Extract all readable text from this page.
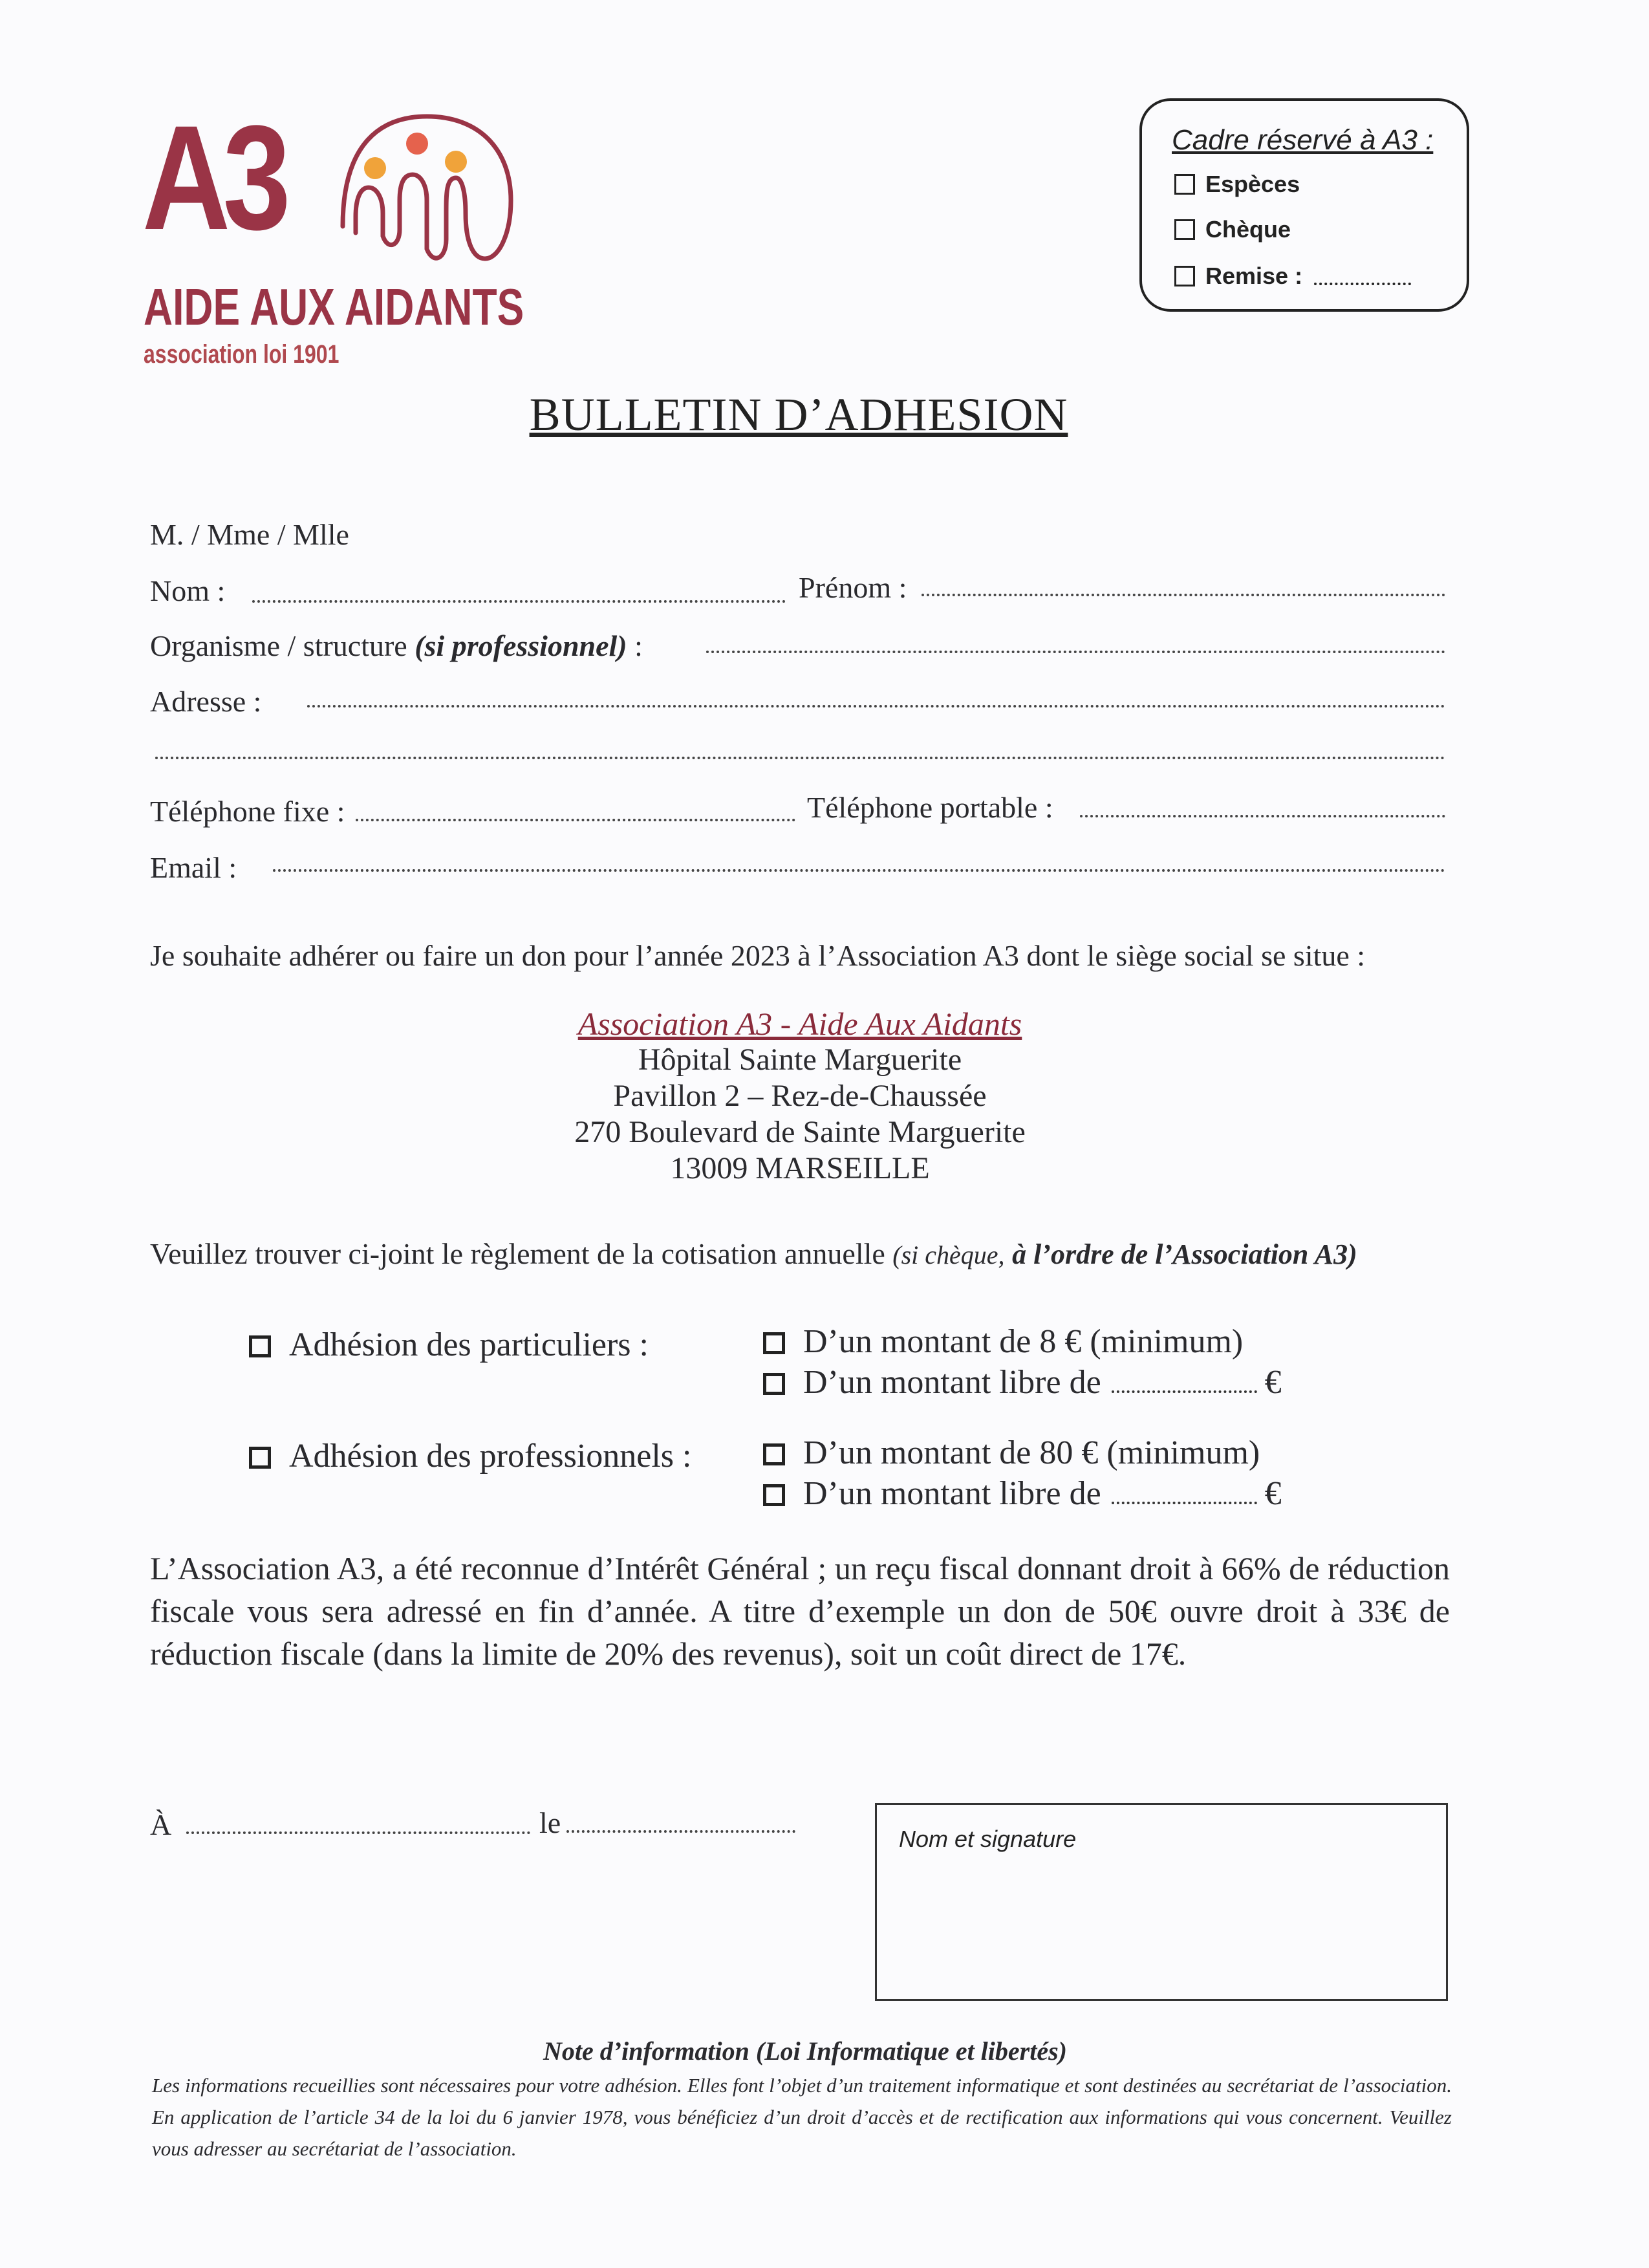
A3
AIDE AUX AIDANTS
association loi 1901
Cadre réservé à A3 :
Espèces
Chèque
Remise :
BULLETIN D’ADHESION
M. / Mme / Mlle
Nom :	Prénom :
Organisme / structure (si professionnel) :
Adresse :
Téléphone fixe :	Téléphone portable :
Email :
Je souhaite adhérer ou faire un don pour l’année 2023 à l’Association A3 dont le siège social se situe :
Association A3 - Aide Aux Aidants
Hôpital Sainte Marguerite
Pavillon 2 – Rez-de-Chaussée
270 Boulevard de Sainte Marguerite
13009 MARSEILLE
Veuillez trouver ci-joint le règlement de la cotisation annuelle (si chèque, à l’ordre de l’Association A3)
Adhésion des particuliers :	D’un montant de 8 € (minimum)
D’un montant libre de	€
Adhésion des professionnels :	D’un montant de 80 € (minimum)
D’un montant libre de	€
L’Association A3, a été reconnue d’Intérêt Général ; un reçu fiscal donnant droit à 66% de réduction fiscale vous sera adressé en fin d’année. A titre d’exemple un don de 50€ ouvre droit à 33€ de réduction fiscale (dans la limite de 20% des revenus), soit un coût direct de 17€.
À	le	Nom et signature
Note d’information (Loi Informatique et libertés)
Les informations recueillies sont nécessaires pour votre adhésion. Elles font l’objet d’un traitement informatique et sont destinées au secrétariat de l’association. En application de l’article 34 de la loi du 6 janvier 1978, vous bénéficiez d’un droit d’accès et de rectification aux informations qui vous concernent. Veuillez vous adresser au secrétariat de l’association.
